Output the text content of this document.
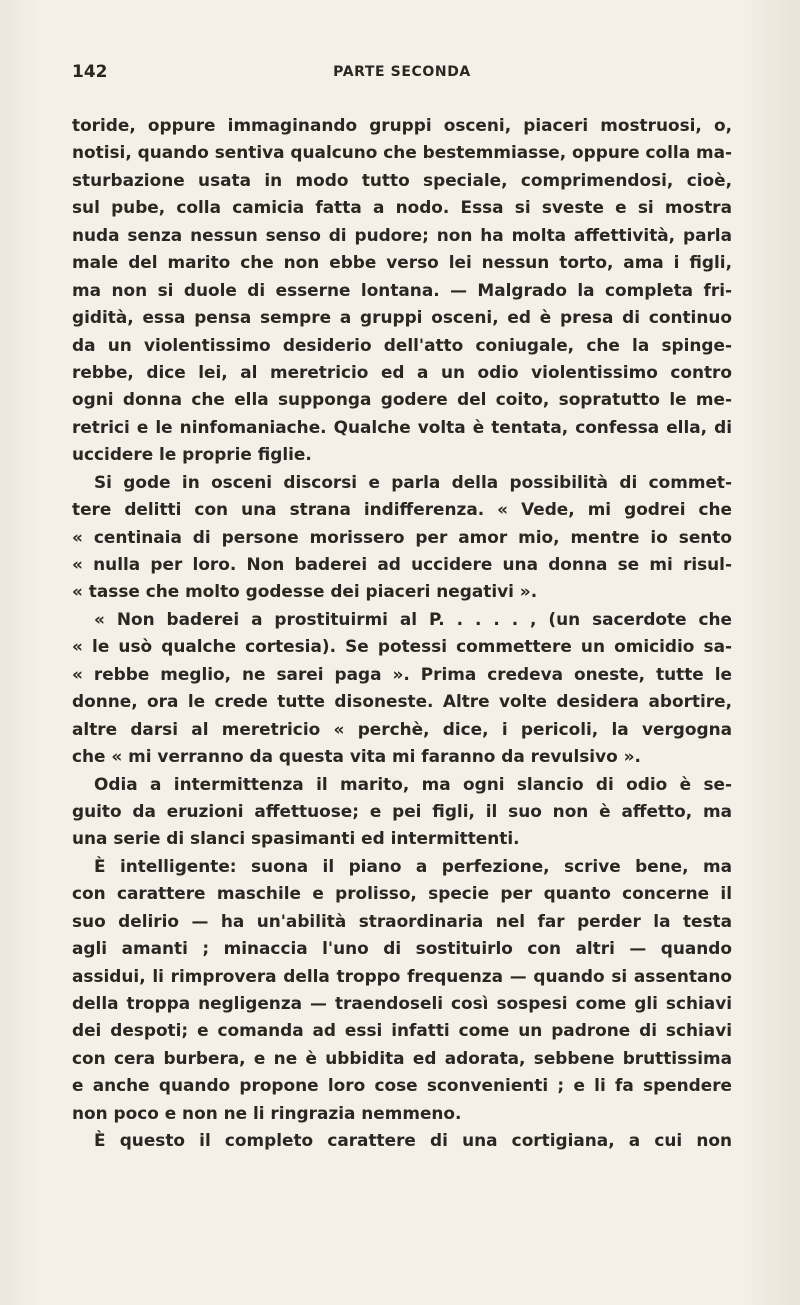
142	PARTE SECONDA
toride, oppure immaginando gruppi osceni, piaceri mostruosi, o,
notisi, quando sentiva qualcuno che bestemmiasse, oppure colla ma-
sturbazione usata in modo tutto speciale, comprimendosi, cioè,
sul pube, colla camicia fatta a nodo. Essa si sveste e si mostra
nuda senza nessun senso di pudore; non ha molta affettività, parla
male del marito che non ebbe verso lei nessun torto, ama i figli,
ma non si duole di esserne lontana. — Malgrado la completa fri-
gidità, essa pensa sempre a gruppi osceni, ed è presa di continuo
da un violentissimo desiderio dell'atto coniugale, che la spinge-
rebbe, dice lei, al meretricio ed a un odio violentissimo contro
ogni donna che ella supponga godere del coito, sopratutto le me-
retrici e le ninfomaniache. Qualche volta è tentata, confessa ella, di
uccidere le proprie figlie.
Si gode in osceni discorsi e parla della possibilità di commet-
tere delitti con una strana indifferenza. « Vede, mi godrei che
« centinaia di persone morissero per amor mio, mentre io sento
« nulla per loro. Non baderei ad uccidere una donna se mi risul-
« tasse che molto godesse dei piaceri negativi ».
« Non baderei a prostituirmi al P. . . . . , (un sacerdote che
« le usò qualche cortesia). Se potessi commettere un omicidio sa-
« rebbe meglio, ne sarei paga ». Prima credeva oneste, tutte le
donne, ora le crede tutte disoneste. Altre volte desidera abortire,
altre darsi al meretricio « perchè, dice, i pericoli, la vergogna
che « mi verranno da questa vita mi faranno da revulsivo ».
Odia a intermittenza il marito, ma ogni slancio di odio è se-
guito da eruzioni affettuose; e pei figli, il suo non è affetto, ma
una serie di slanci spasimanti ed intermittenti.
È intelligente: suona il piano a perfezione, scrive bene, ma
con carattere maschile e prolisso, specie per quanto concerne il
suo delirio — ha un'abilità straordinaria nel far perder la testa
agli amanti ; minaccia l'uno di sostituirlo con altri — quando
assidui, li rimprovera della troppo frequenza — quando si assentano
della troppa negligenza — traendoseli così sospesi come gli schiavi
dei despoti; e comanda ad essi infatti come un padrone di schiavi
con cera burbera, e ne è ubbidita ed adorata, sebbene bruttissima
e anche quando propone loro cose sconvenienti ; e li fa spendere
non poco e non ne li ringrazia nemmeno.
È questo il completo carattere di una cortigiana, a cui non
